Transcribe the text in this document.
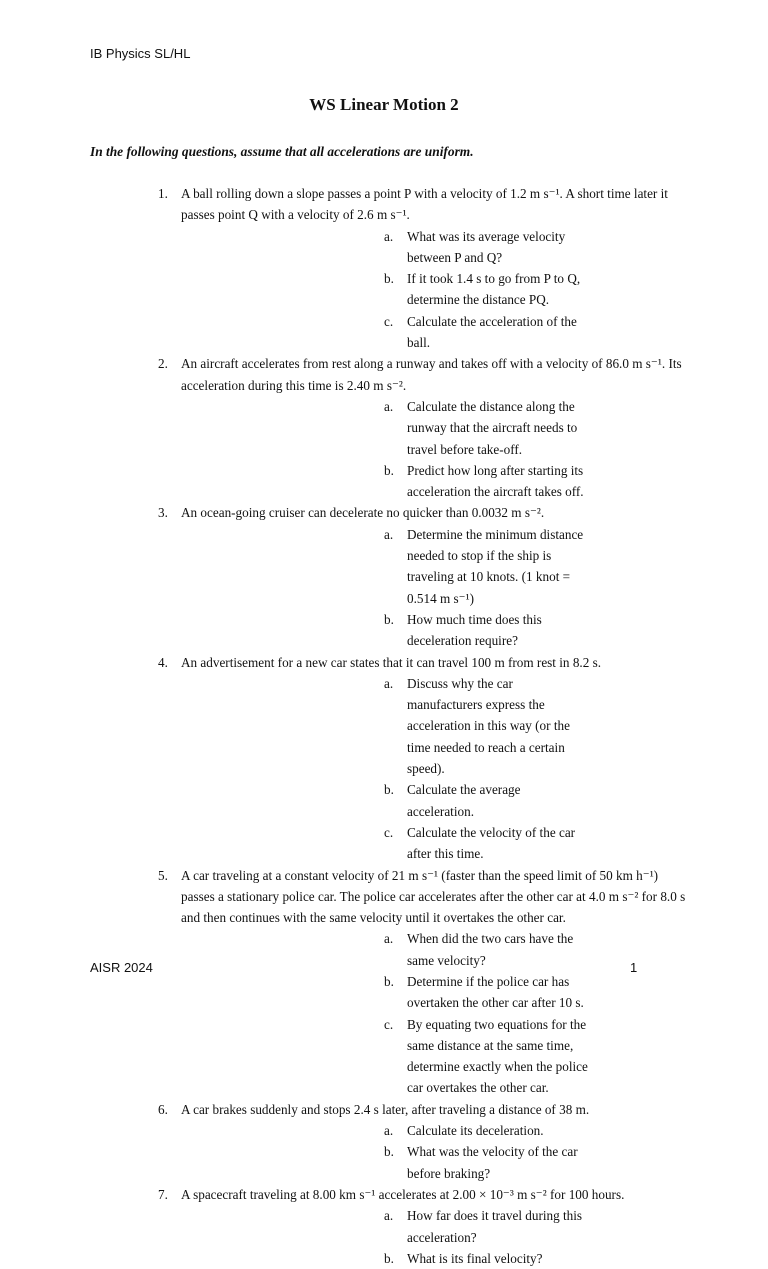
IB Physics SL/HL
WS Linear Motion 2
In the following questions, assume that all accelerations are uniform.
1. A ball rolling down a slope passes a point P with a velocity of 1.2 m s⁻¹. A short time later it passes point Q with a velocity of 2.6 m s⁻¹.
a. What was its average velocity between P and Q?
b. If it took 1.4 s to go from P to Q, determine the distance PQ.
c. Calculate the acceleration of the ball.
2. An aircraft accelerates from rest along a runway and takes off with a velocity of 86.0 m s⁻¹. Its acceleration during this time is 2.40 m s⁻².
a. Calculate the distance along the runway that the aircraft needs to travel before take-off.
b. Predict how long after starting its acceleration the aircraft takes off.
3. An ocean-going cruiser can decelerate no quicker than 0.0032 m s⁻².
a. Determine the minimum distance needed to stop if the ship is traveling at 10 knots. (1 knot = 0.514 m s⁻¹)
b. How much time does this deceleration require?
4. An advertisement for a new car states that it can travel 100 m from rest in 8.2 s.
a. Discuss why the car manufacturers express the acceleration in this way (or the time needed to reach a certain speed).
b. Calculate the average acceleration.
c. Calculate the velocity of the car after this time.
5. A car traveling at a constant velocity of 21 m s⁻¹ (faster than the speed limit of 50 km h⁻¹) passes a stationary police car. The police car accelerates after the other car at 4.0 m s⁻² for 8.0 s and then continues with the same velocity until it overtakes the other car.
a. When did the two cars have the same velocity?
b. Determine if the police car has overtaken the other car after 10 s.
c. By equating two equations for the same distance at the same time, determine exactly when the police car overtakes the other car.
6. A car brakes suddenly and stops 2.4 s later, after traveling a distance of 38 m.
a. Calculate its deceleration.
b. What was the velocity of the car before braking?
7. A spacecraft traveling at 8.00 km s⁻¹ accelerates at 2.00 × 10⁻³ m s⁻² for 100 hours.
a. How far does it travel during this acceleration?
b. What is its final velocity?
AISR 2024	1
